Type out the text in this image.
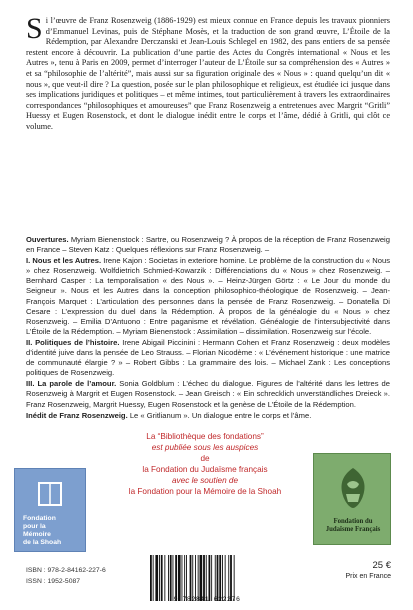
Si l’œuvre de Franz Rosenzweig (1886-1929) est mieux connue en France depuis les travaux pionniers d’Emmanuel Levinas, puis de Stéphane Mosès, et la traduction de son grand œuvre, L’Étoile de la Rédemption, par Alexandre Derczanski et Jean-Louis Schlegel en 1982, des pans entiers de sa pensée restent encore à découvrir. La publication d’une partie des Actes du Congrès international « Nous et les Autres », tenu à Paris en 2009, permet d’interroger l’auteur de L’Étoile sur sa compréhension des « Autres » et sa “philosophie de l’altérité”, mais aussi sur sa figuration originale des « Nous » : quand quelqu’un dit « nous », que veut-il dire ? La question, posée sur le plan philosophique et religieux, est étudiée ici jusque dans ses implications juridiques et politiques – et même intimes, tout particulièrement à travers les extraordinaires correspondances “philosophiques et amoureuses” que Franz Rosenzweig a entretenues avec Margrit “Gritli” Huessy et Eugen Rosenstock, et dont le dialogue inédit entre le corps et l’âme, dédié à Gritli, qui clôt ce volume.

Ouvertures. Myriam Bienenstock : Sartre, ou Rosenzweig ? À propos de la réception de Franz Rosenzweig en France – Steven Katz : Quelques réflexions sur Franz Rosenzweig. –

I. Nous et les Autres. Irene Kajon : Societas in exteriore homine. Le problème de la construction du « Nous » chez Rosenzweig. Wolfdietrich Schmied-Kowarzik : Différenciations du « Nous » chez Rosenzweig. – Bernhard Casper : La temporalisation « des Nous ». – Heinz-Jürgen Görtz : « Le Jour du monde du Seigneur ». Nous et les Autres dans la conception philosophico-théologique de Rosenzweig. – Jean-François Marquet : L’articulation des personnes dans la pensée de Franz Rosenzweig. – Donatella Di Cesare : L’expression du duel dans la Rédemption. À propos de la généalogie du « Nous » chez Rosenzweig. – Emilia D’Antuono : Entre paganisme et révélation. Généalogie de l’intersubjectivité dans L’Étoile de la Rédemption. – Myriam Bienenstock : Assimilation – dissimilation. Rosenzweig sur l’école.

II. Politiques de l’histoire. Irene Abigail Piccinini : Hermann Cohen et Franz Rosenzweig : deux modèles d’identité juive dans la pensée de Leo Strauss. – Florian Nicodème : « L’événement historique : une matrice de communauté élargie ? » – Robert Gibbs : La grammaire des lois. – Michael Zank : Les conceptions politiques de Rosenzweig.

III. La parole de l’amour. Sonia Goldblum : L’échec du dialogue. Figures de l’altérité dans les lettres de Rosenzweig à Margrit et Eugen Rosenstock. – Jean Greisch : « Ein schrecklich unverständliches Dreieck ». Franz Rosenzweig, Margrit Huessy, Eugen Rosenstock et la genèse de L’Étoile de la Rédemption.

Inédit de Franz Rosenzweig. Le « Gritlianum ». Un dialogue entre le corps et l’âme.

La “Bibliothèque des fondations”
est publiée sous les auspices
de
la Fondation du Judaïsme français
avec le soutien de
la Fondation pour la Mémoire de la Shoah
Fondation
pour la
Mémoire
de la Shoah
Fondation du
Judaïsme Français
ISBN : 978-2-84162-227-6
ISSN : 1952-5087
9 782841 622276
25 €
Prix en France
